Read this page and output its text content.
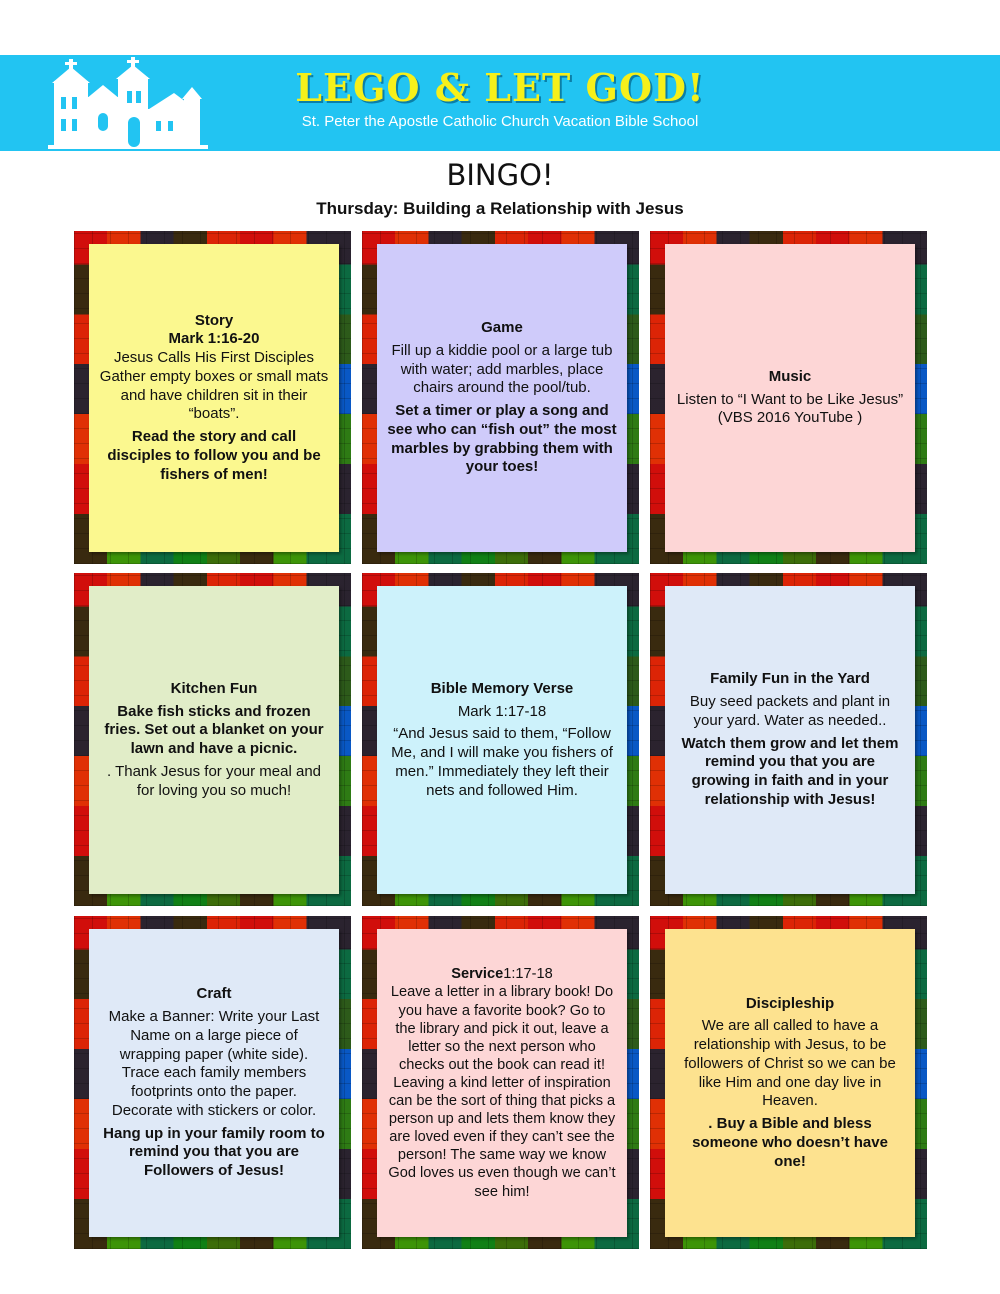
LEGO & LET GOD!
St. Peter the Apostle Catholic Church Vacation Bible School
BINGO!
Thursday: Building a Relationship with Jesus
Story
Mark 1:16-20
Jesus Calls His First Disciples Gather empty boxes or small mats and have children sit in their “boats”.
Read the story and call disciples to follow you and be fishers of men!
Game
Fill up a kiddie pool or a large tub with water; add marbles, place chairs around the pool/tub.
Set a timer or play a song and see who can “fish out” the most marbles by grabbing them with your toes!
Music
Listen to “I Want to be Like Jesus” (VBS 2016 YouTube )
Kitchen Fun
Bake fish sticks and frozen fries. Set out a blanket on your lawn and have a picnic.
. Thank Jesus for your meal and for loving you so much!
Bible Memory Verse
Mark 1:17-18
“And Jesus said to them, “Follow Me, and I will make you fishers of men.” Immediately they left their nets and followed Him.
Family Fun in the Yard
Buy seed packets and plant in your yard. Water as needed..
Watch them grow and let them remind you that you are growing in faith and in your relationship with Jesus!
Craft
Make a Banner: Write your Last Name on a large piece of wrapping paper (white side). Trace each family members footprints onto the paper. Decorate with stickers or color.
Hang up in your family room to remind you that you are Followers of Jesus!
Service1:17-18
Leave a letter in a library book! Do you have a favorite book? Go to the library and pick it out, leave a letter so the next person who checks out the book can read it! Leaving a kind letter of inspiration can be the sort of thing that picks a person up and lets them know they are loved even if they can’t see the person! The same way we know God loves us even though we can’t see him!
Discipleship
We are all called to have a relationship with Jesus, to be followers of Christ so we can be like Him and one day live in Heaven.
. Buy a Bible and bless someone who doesn’t have one!
